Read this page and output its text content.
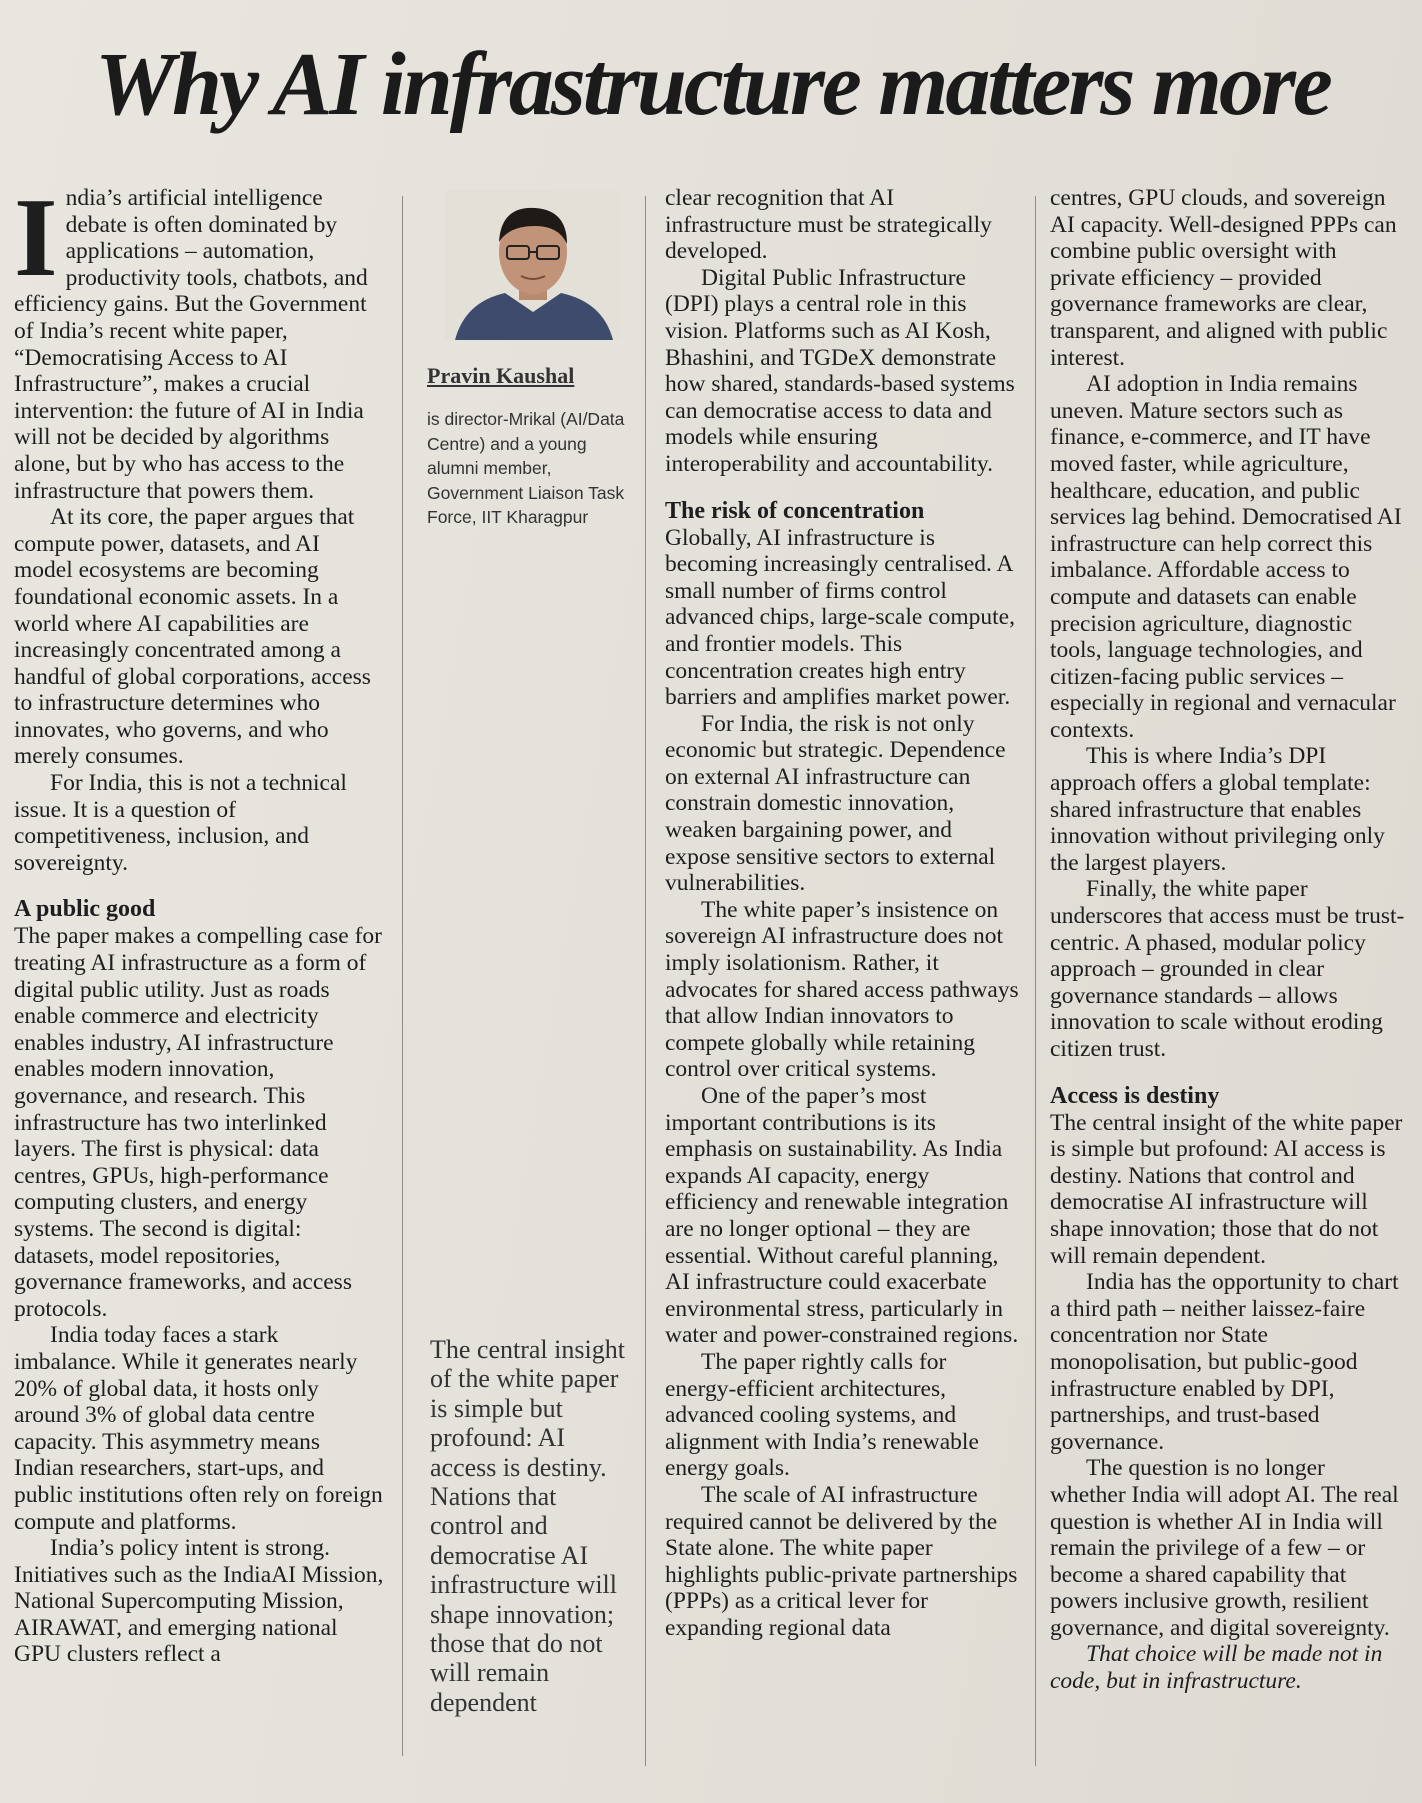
Why AI infrastructure matters more

India’s artificial intelligence debate is often dominated by applications – automation, productivity tools, chatbots, and efficiency gains. But the Government of India’s recent white paper, “Democratising Access to AI Infrastructure”, makes a crucial intervention: the future of AI in India will not be decided by algorithms alone, but by who has access to the infrastructure that powers them.

At its core, the paper argues that compute power, datasets, and AI model ecosystems are becoming foundational economic assets. In a world where AI capabilities are increasingly concentrated among a handful of global corporations, access to infrastructure determines who innovates, who governs, and who merely consumes.

For India, this is not a technical issue. It is a question of competitiveness, inclusion, and sovereignty.

A public good

The paper makes a compelling case for treating AI infrastructure as a form of digital public utility. Just as roads enable commerce and electricity enables industry, AI infrastructure enables modern innovation, governance, and research. This infrastructure has two interlinked layers. The first is physical: data centres, GPUs, high-performance computing clusters, and energy systems. The second is digital: datasets, model repositories, governance frameworks, and access protocols.

India today faces a stark imbalance. While it generates nearly 20% of global data, it hosts only around 3% of global data centre capacity. This asymmetry means Indian researchers, start-ups, and public institutions often rely on foreign compute and platforms.

India’s policy intent is strong. Initiatives such as the IndiaAI Mission, National Supercomputing Mission, AIRAWAT, and emerging national GPU clusters reflect a

Pravin Kaushal
is director-Mrikal (AI/Data Centre) and a young alumni member, Government Liaison Task Force, IIT Kharagpur
The central insight of the white paper is simple but profound: AI access is destiny. Nations that control and democratise AI infrastructure will shape innovation; those that do not will remain dependent

clear recognition that AI infrastructure must be strategically developed.

Digital Public Infrastructure (DPI) plays a central role in this vision. Platforms such as AI Kosh, Bhashini, and TGDeX demonstrate how shared, standards-based systems can democratise access to data and models while ensuring interoperability and accountability.

The risk of concentration

Globally, AI infrastructure is becoming increasingly centralised. A small number of firms control advanced chips, large-scale compute, and frontier models. This concentration creates high entry barriers and amplifies market power.

For India, the risk is not only economic but strategic. Dependence on external AI infrastructure can constrain domestic innovation, weaken bargaining power, and expose sensitive sectors to external vulnerabilities.

The white paper’s insistence on sovereign AI infrastructure does not imply isolationism. Rather, it advocates for shared access pathways that allow Indian innovators to compete globally while retaining control over critical systems.

One of the paper’s most important contributions is its emphasis on sustainability. As India expands AI capacity, energy efficiency and renewable integration are no longer optional – they are essential. Without careful planning, AI infrastructure could exacerbate environmental stress, particularly in water and power-constrained regions.

The paper rightly calls for energy-efficient architectures, advanced cooling systems, and alignment with India’s renewable energy goals.

The scale of AI infrastructure required cannot be delivered by the State alone. The white paper highlights public-private partnerships (PPPs) as a critical lever for expanding regional data

centres, GPU clouds, and sovereign AI capacity. Well-designed PPPs can combine public oversight with private efficiency – provided governance frameworks are clear, transparent, and aligned with public interest.

AI adoption in India remains uneven. Mature sectors such as finance, e-commerce, and IT have moved faster, while agriculture, healthcare, education, and public services lag behind. Democratised AI infrastructure can help correct this imbalance. Affordable access to compute and datasets can enable precision agriculture, diagnostic tools, language technologies, and citizen-facing public services – especially in regional and vernacular contexts.

This is where India’s DPI approach offers a global template: shared infrastructure that enables innovation without privileging only the largest players.

Finally, the white paper underscores that access must be trust-centric. A phased, modular policy approach – grounded in clear governance standards – allows innovation to scale without eroding citizen trust.

Access is destiny

The central insight of the white paper is simple but profound: AI access is destiny. Nations that control and democratise AI infrastructure will shape innovation; those that do not will remain dependent.

India has the opportunity to chart a third path – neither laissez-faire concentration nor State monopolisation, but public-good infrastructure enabled by DPI, partnerships, and trust-based governance.

The question is no longer whether India will adopt AI. The real question is whether AI in India will remain the privilege of a few – or become a shared capability that powers inclusive growth, resilient governance, and digital sovereignty.

That choice will be made not in code, but in infrastructure.
